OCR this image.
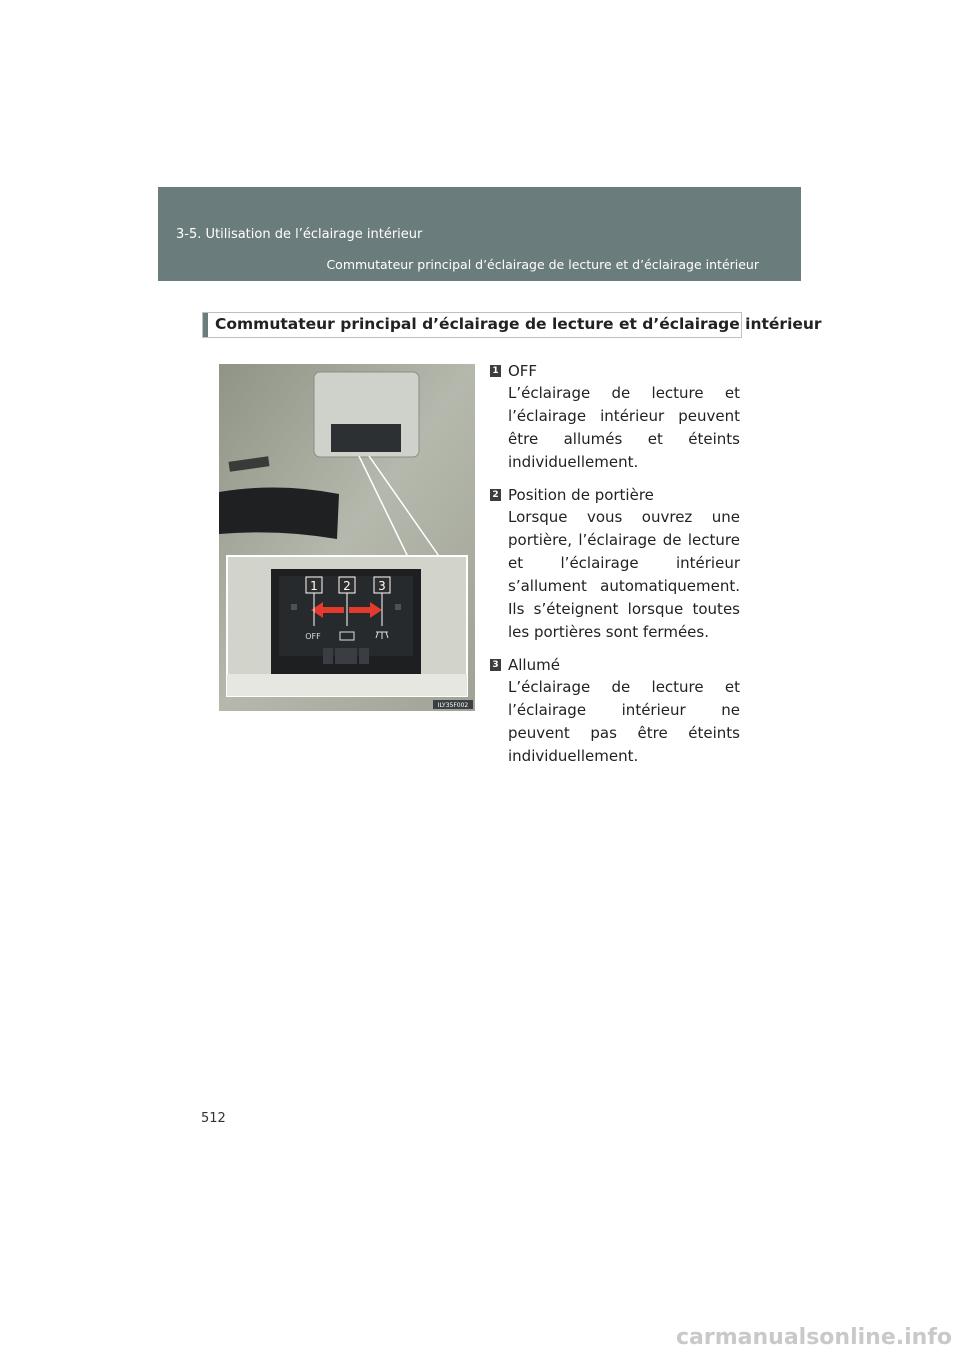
3-5. Utilisation de l’éclairage intérieur
Commutateur principal d’éclairage de lecture et d’éclairage intérieur
Commutateur principal d’éclairage de lecture et d’éclairage intérieur
1 2 3
OFF
ILY35F002
1 OFF
L’éclairage de lecture et l’éclairage intérieur peuvent être allumés et éteints individuellement.
2 Position de portière
Lorsque vous ouvrez une portière, l’éclairage de lecture et l’éclairage intérieur s’allument automatiquement. Ils s’éteignent lorsque toutes les portières sont fermées.
3 Allumé
L’éclairage de lecture et l’éclairage intérieur ne peuvent pas être éteints individuellement.
512
carmanualsonline.info
